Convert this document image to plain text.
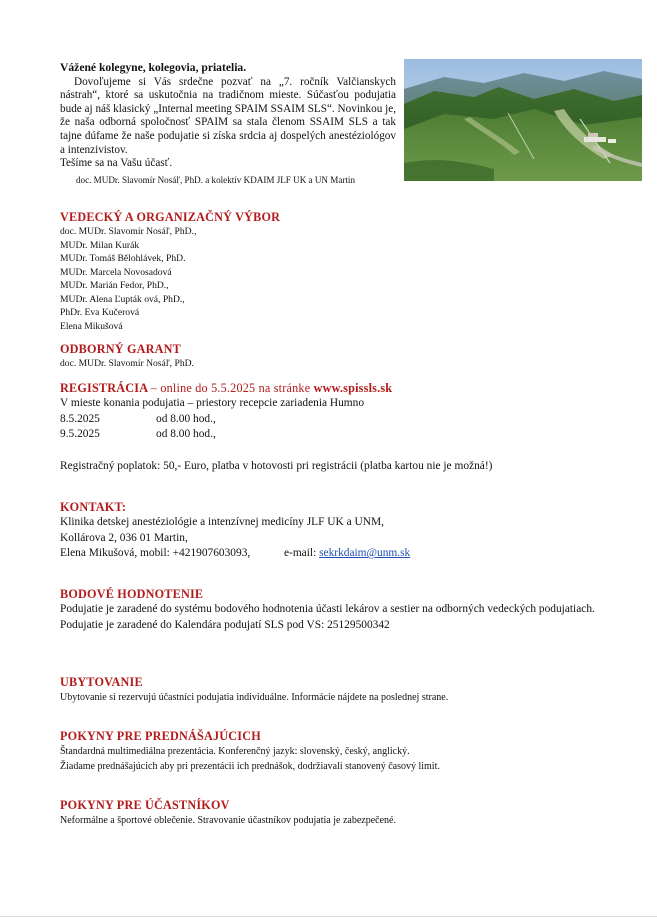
Vážené kolegyne, kolegovia, priatelia.

Dovoľujeme si Vás srdečne pozvať na „7. ročník Valčianskych nástrah“, ktoré sa uskutočnia na tradičnom mieste. Súčasťou podujatia bude aj náš klasický „Internal meeting SPAIM SSAIM SLS“. Novinkou je, že naša odborná spoločnosť SPAIM sa stala členom SSAIM SLS a tak tajne dúfame že naše podujatie si získa srdcia aj dospelých anestéziológov a intenzivistov.

Tešíme sa na Vašu účasť.

doc. MUDr. Slavomír Nosáľ, PhD. a kolektív KDAIM JLF UK a UN Martin

VEDECKÝ A ORGANIZAČNÝ VÝBOR

doc. MUDr. Slavomír Nosáľ, PhD.,
MUDr. Milan Kurák
MUDr. Tomáš Bělohlávek, PhD.
MUDr. Marcela Novosadová
MUDr. Marián Fedor, PhD.,
MUDr. Alena Ľupták ová, PhD.,
PhDr. Eva Kučerová
Elena Mikušová

ODBORNÝ GARANT

doc. MUDr. Slavomír Nosáľ, PhD.

REGISTRÁCIA – online do 5.5.2025 na stránke www.spissls.sk

V mieste konania podujatia – priestory recepcie zariadenia Humno

8.5.2025	od 8.00 hod.,
9.5.2025	od 8.00 hod.,

Registračný poplatok: 50,- Euro, platba v hotovosti pri registrácii (platba kartou nie je možná!)

KONTAKT:

Klinika detskej anestéziológie a intenzívnej medicíny JLF UK a UNM,

Kollárova 2, 036 01 Martin,

Elena Mikušová, mobil: +421907603093,	e-mail: sekrkdaim@unm.sk

BODOVÉ HODNOTENIE

Podujatie je zaradené do systému bodového hodnotenia účasti lekárov a sestier na odborných vedeckých podujatiach.

Podujatie je zaradené do Kalendára podujatí SLS pod VS: 25129500342

UBYTOVANIE

Ubytovanie si rezervujú účastníci podujatia individuálne. Informácie nájdete na poslednej strane.

POKYNY PRE PREDNÁŠAJÚCICH

Štandardná multimediálna prezentácia. Konferenčný jazyk: slovenský, český, anglický.

Žiadame prednášajúcich aby pri prezentácii ich prednášok, dodržiavali stanovený časový limit.

POKYNY PRE ÚČASTNÍKOV

Neformálne a športové oblečenie. Stravovanie účastníkov podujatia je zabezpečené.
